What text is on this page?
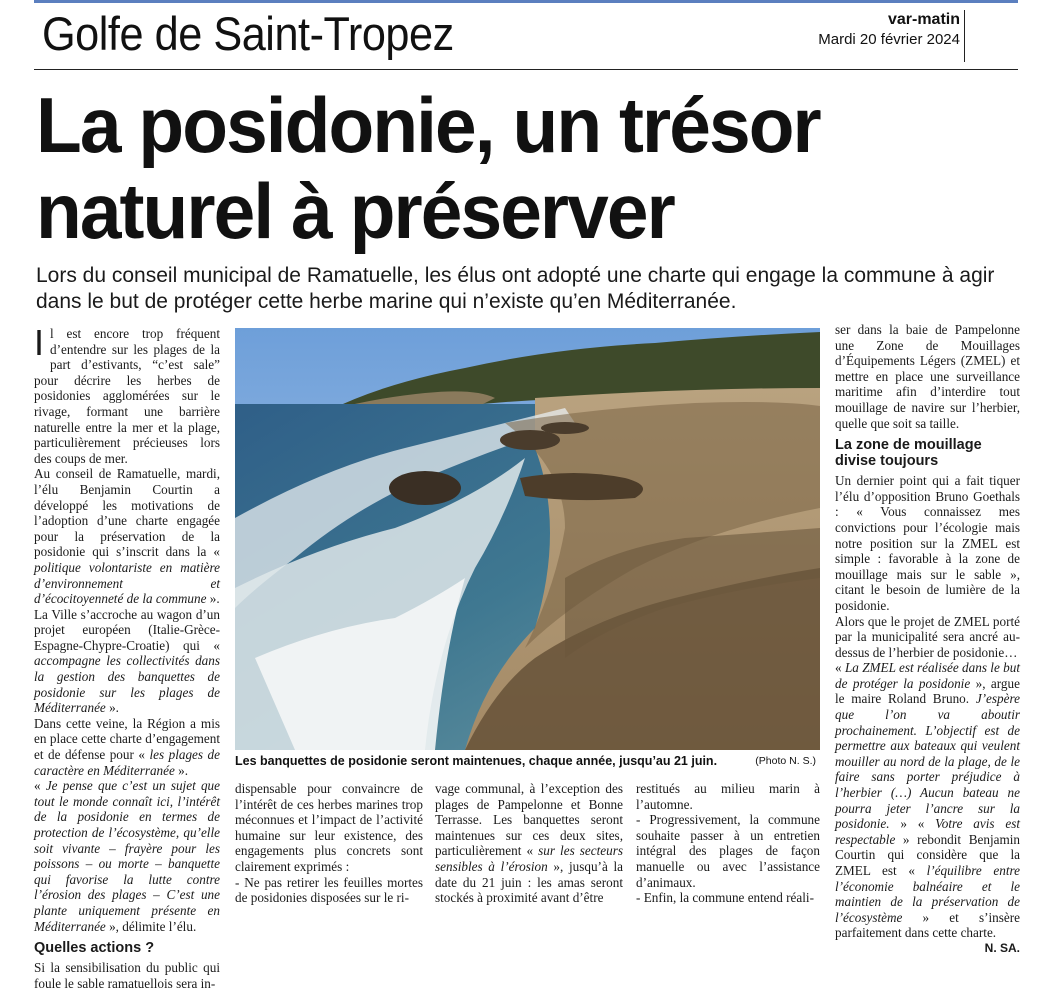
Golfe de Saint-Tropez	var-matin
Mardi 20 février 2024
La posidonie, un trésor
naturel à préserver
Lors du conseil municipal de Ramatuelle, les élus ont adopté une charte qui engage la commune à agir dans le but de protéger cette herbe marine qui n’existe qu’en Méditerranée.

Il est encore trop fréquent d’entendre sur les plages de la part d’estivants, “c’est sale” pour décrire les herbes de posidonies agglomérées sur le rivage, formant une barrière naturelle entre la mer et la plage, particulièrement précieuses lors des coups de mer.

Au conseil de Ramatuelle, mardi, l’élu Benjamin Courtin a développé les motivations de l’adoption d’une charte engagée pour la préservation de la posidonie qui s’inscrit dans la « politique volontariste en matière d’environnement et d’écocitoyenneté de la commune ».

La Ville s’accroche au wagon d’un projet européen (Italie-Grèce-Espagne-Chypre-Croatie) qui « accompagne les collectivités dans la gestion des banquettes de posidonie sur les plages de Méditerranée ».

Dans cette veine, la Région a mis en place cette charte d’engagement et de défense pour « les plages de caractère en Méditerranée ».

« Je pense que c’est un sujet que tout le monde connaît ici, l’intérêt de la posidonie en termes de protection de l’écosystème, qu’elle soit vivante – frayère pour les poissons – ou morte – banquette qui favorise la lutte contre l’érosion des plages – C’est une plante uniquement présente en Méditerranée », délimite l’élu.

Quelles actions ?

Si la sensibilisation du public qui foule le sable ramatuellois sera in-

Les banquettes de posidonie seront maintenues, chaque année, jusqu’au 21 juin.	(Photo N. S.)

dispensable pour convaincre de l’intérêt de ces herbes marines trop méconnues et l’impact de l’activité humaine sur leur existence, des engagements plus concrets sont clairement exprimés :

- Ne pas retirer les feuilles mortes de posidonies disposées sur le ri-

vage communal, à l’exception des plages de Pampelonne et Bonne Terrasse. Les banquettes seront maintenues sur ces deux sites, particulièrement « sur les secteurs sensibles à l’érosion », jusqu’à la date du 21 juin : les amas seront stockés à proximité avant d’être

restitués au milieu marin à l’automne.

- Progressivement, la commune souhaite passer à un entretien intégral des plages de façon manuelle ou avec l’assistance d’animaux.

- Enfin, la commune entend réali-

ser dans la baie de Pampelonne une Zone de Mouillages d’Équipements Légers (ZMEL) et mettre en place une surveillance maritime afin d’interdire tout mouillage de navire sur l’herbier, quelle que soit sa taille.

La zone de mouillage divise toujours

Un dernier point qui a fait tiquer l’élu d’opposition Bruno Goethals : « Vous connaissez mes convictions pour l’écologie mais notre position sur la ZMEL est simple : favorable à la zone de mouillage mais sur le sable », citant le besoin de lumière de la posidonie.

Alors que le projet de ZMEL porté par la municipalité sera ancré au-dessus de l’herbier de posidonie…

« La ZMEL est réalisée dans le but de protéger la posidonie », argue le maire Roland Bruno. J’espère que l’on va aboutir prochainement. L’objectif est de permettre aux bateaux qui veulent mouiller au nord de la plage, de le faire sans porter préjudice à l’herbier (…) Aucun bateau ne pourra jeter l’ancre sur la posidonie. » « Votre avis est respectable » rebondit Benjamin Courtin qui considère que la ZMEL est « l’équilibre entre l’économie balnéaire et le maintien de la préservation de l’écosystème » et s’insère parfaitement dans cette charte.

N. SA.
